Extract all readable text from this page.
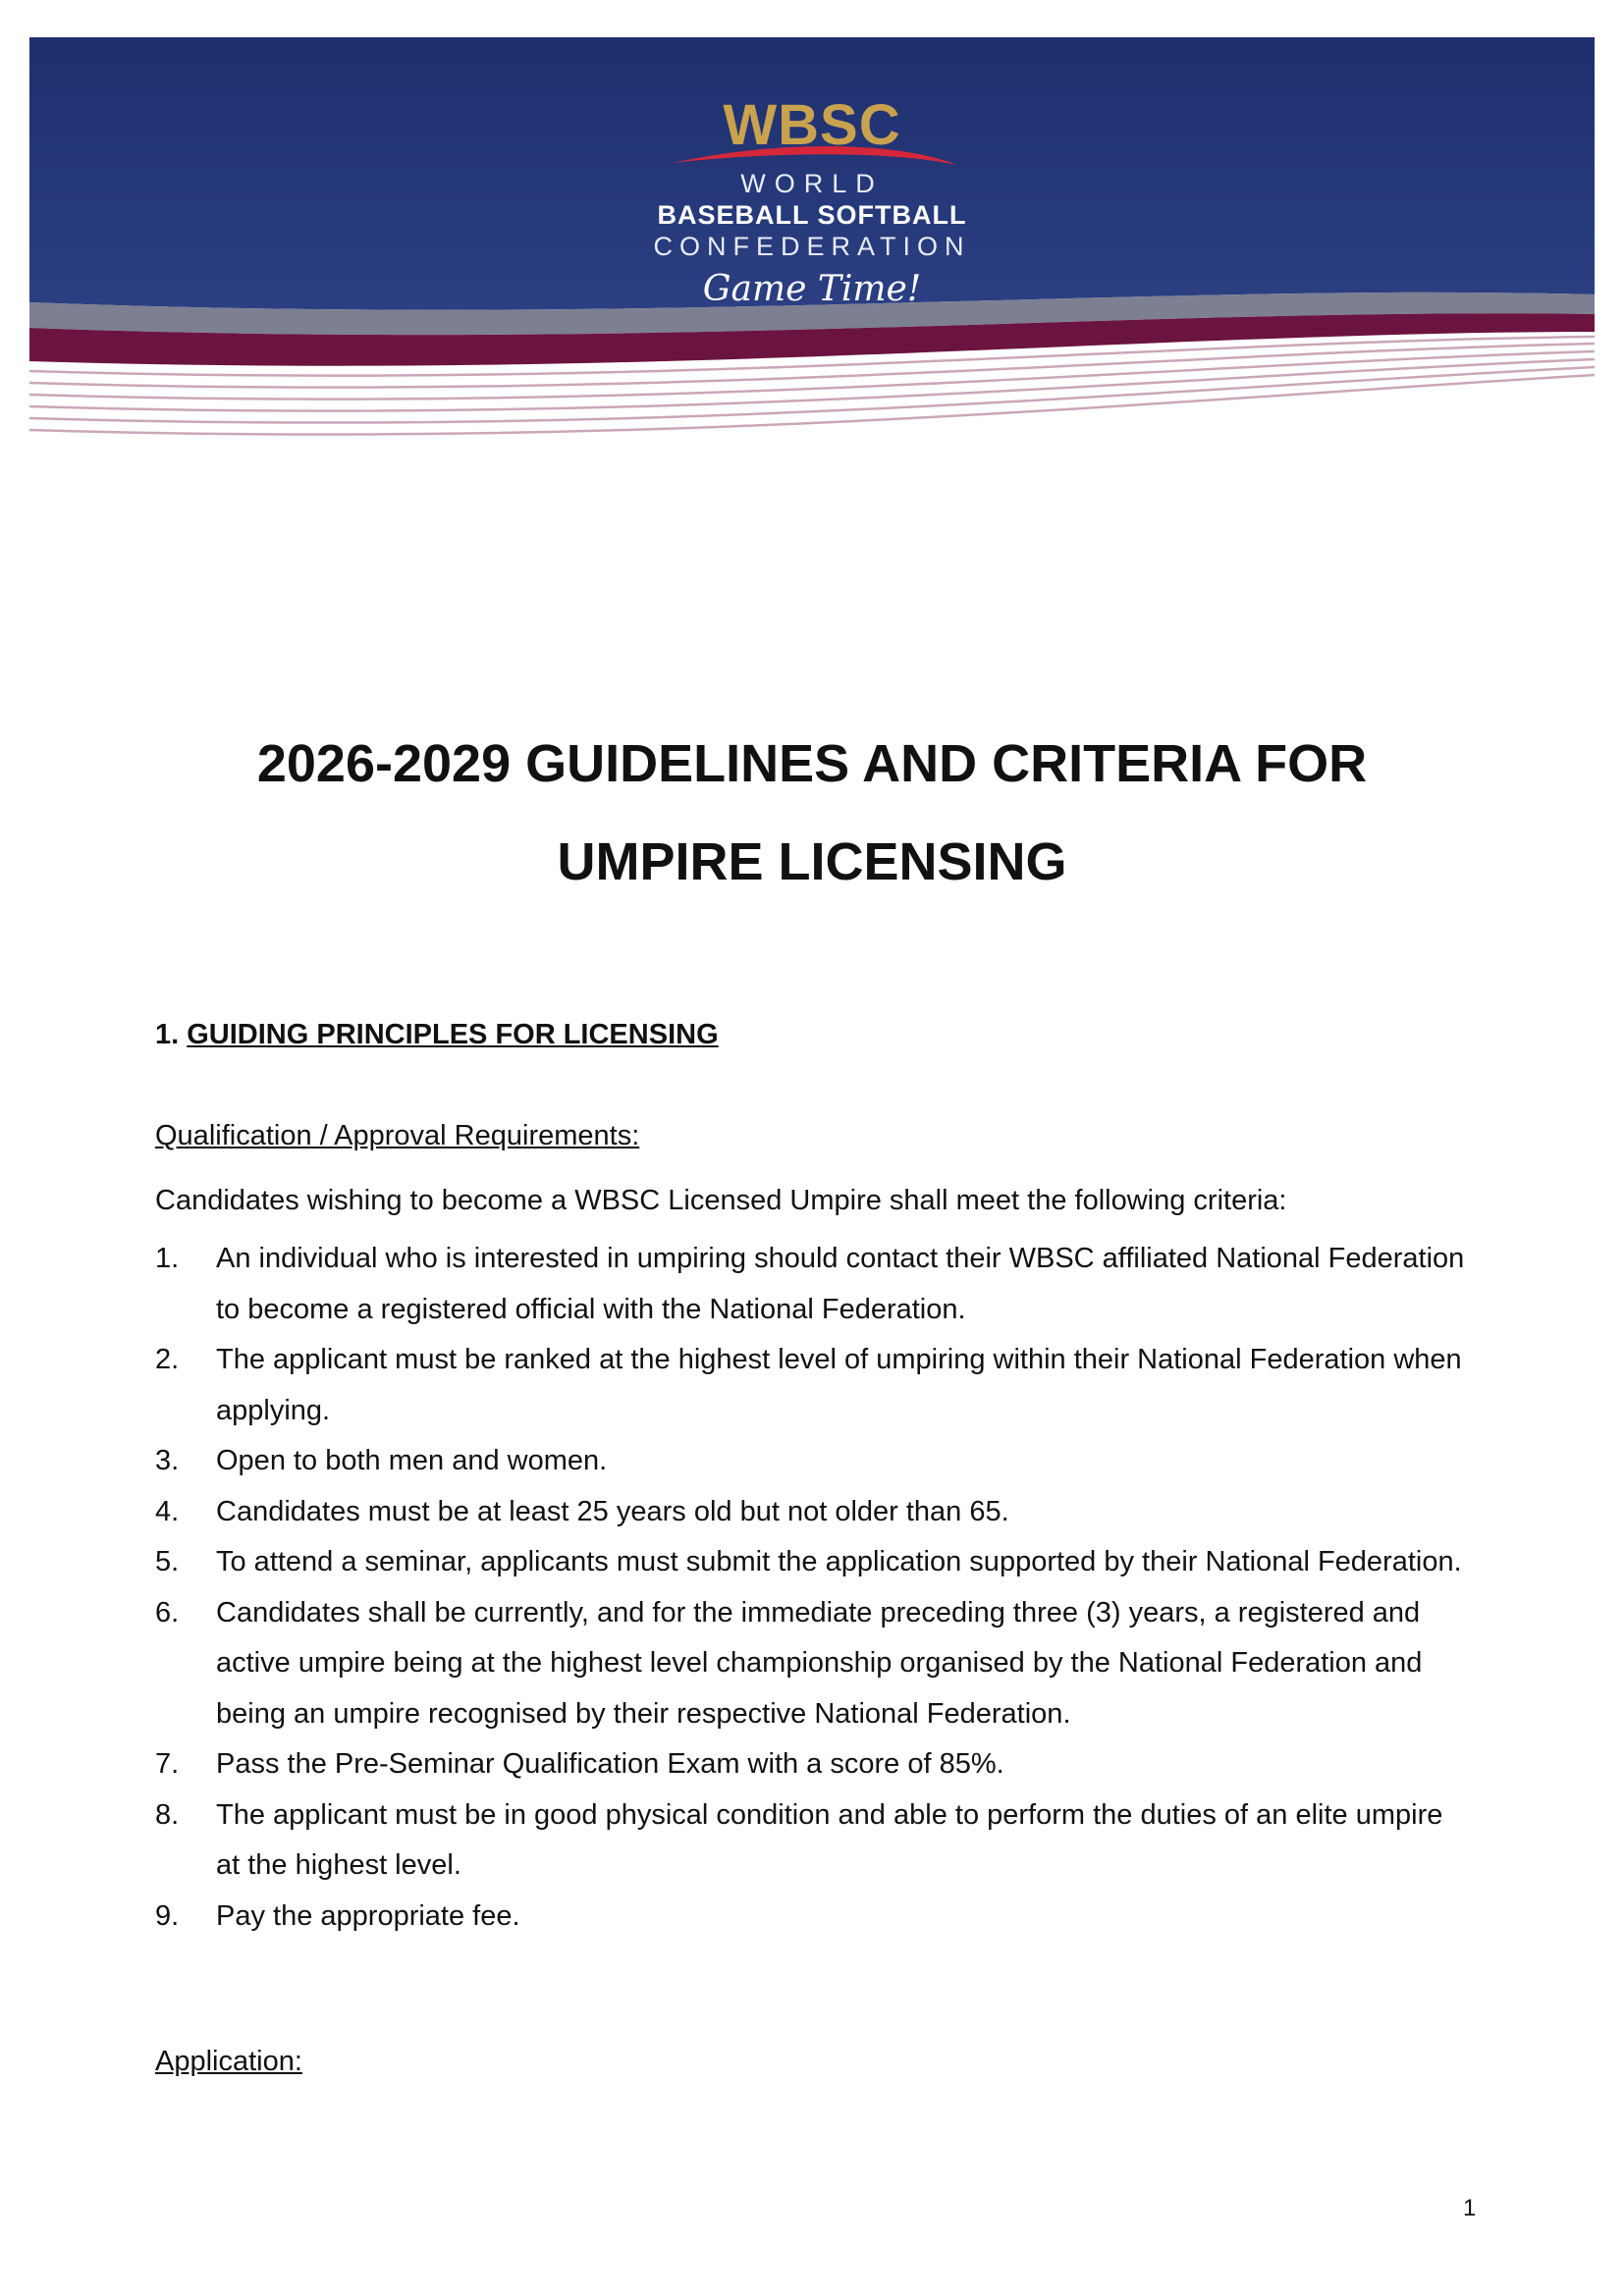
WBSC
WORLD
BASEBALL SOFTBALL
CONFEDERATION
Game Time!
2026-2029 GUIDELINES AND CRITERIA FOR
UMPIRE LICENSING
1. GUIDING PRINCIPLES FOR LICENSING

Qualification / Approval Requirements:

Candidates wishing to become a WBSC Licensed Umpire shall meet the following criteria:

1. An individual who is interested in umpiring should contact their WBSC affiliated National Federation to become a registered official with the National Federation.
2. The applicant must be ranked at the highest level of umpiring within their National Federation when applying.
3. Open to both men and women.
4. Candidates must be at least 25 years old but not older than 65.
5. To attend a seminar, applicants must submit the application supported by their National Federation.
6. Candidates shall be currently, and for the immediate preceding three (3) years, a registered and active umpire being at the highest level championship organised by the National Federation and being an umpire recognised by their respective National Federation.
7. Pass the Pre-Seminar Qualification Exam with a score of 85%.
8. The applicant must be in good physical condition and able to perform the duties of an elite umpire at the highest level.
9. Pay the appropriate fee.

Application:

1
